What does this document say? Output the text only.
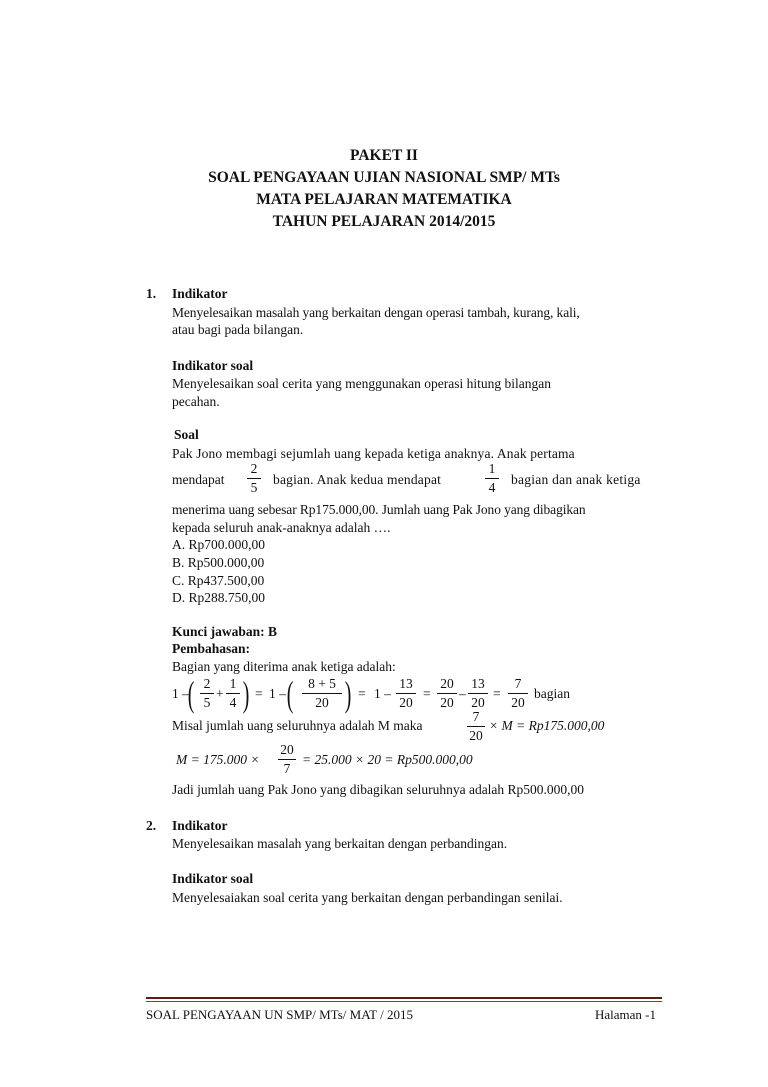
PAKET II
SOAL PENGAYAAN UJIAN NASIONAL SMP/ MTs
MATA PELAJARAN MATEMATIKA
TAHUN PELAJARAN 2014/2015
1. Indikator
Menyelesaikan masalah yang berkaitan dengan operasi tambah, kurang, kali,
atau bagi pada bilangan.
Indikator soal
Menyelesaikan soal cerita yang menggunakan operasi hitung bilangan
pecahan.
Soal
Pak Jono membagi sejumlah uang kepada ketiga anaknya. Anak pertama
mendapat $\frac{2}{5}$ bagian. Anak kedua mendapat	$\frac{1}{4}$ bagian dan anak ketiga
menerima uang sebesar Rp175.000,00. Jumlah uang Pak Jono yang dibagikan
kepada seluruh anak-anaknya adalah ….
A. Rp700.000,00
B. Rp500.000,00
C. Rp437.500,00
D. Rp288.750,00
Kunci jawaban: B
Pembahasan:
Bagian yang diterima anak ketiga adalah:
1 –
( $\frac{2}{5} + \frac{1}{4}$ ) = 1 – ( $\frac{8 + 5}{20}$ ) = $1 - \frac{13}{20} = \frac{20}{20} - \frac{13}{20} = \frac{7}{20}$ bagian
Misal jumlah uang seluruhnya adalah M maka	$\frac{7}{20} \times M = Rp175.000,00$
$M = 175.000 \times \frac{20}{7} = 25.000 \times 20 = Rp500.000,00$
Jadi jumlah uang Pak Jono yang dibagikan seluruhnya adalah Rp500.000,00
2. Indikator
Menyelesaikan masalah yang berkaitan dengan perbandingan.
Indikator soal
Menyelesaiakan soal cerita yang berkaitan dengan perbandingan senilai.
SOAL PENGAYAAN UN SMP/ MTs/ MAT / 2015	Halaman -1
